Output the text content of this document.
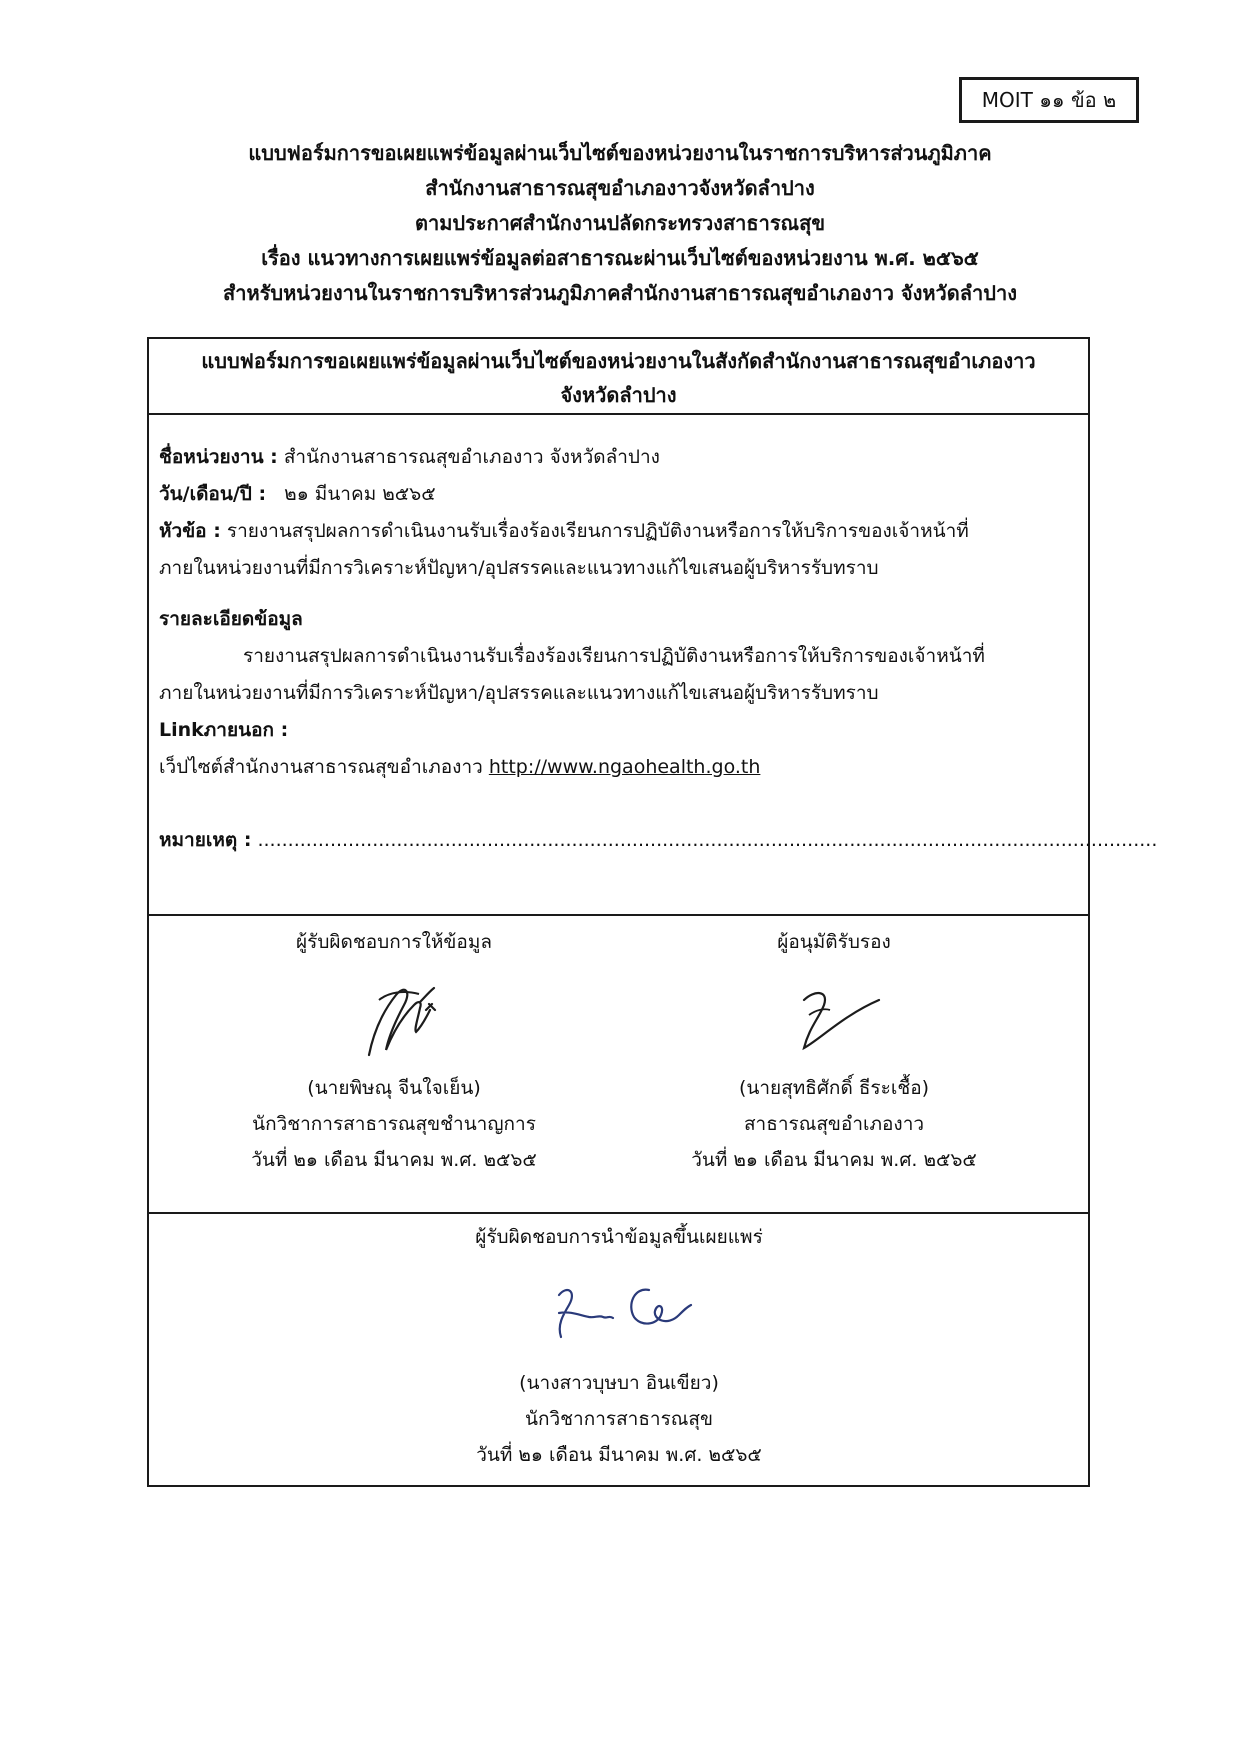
MOIT ๑๑ ข้อ ๒
แบบฟอร์มการขอเผยแพร่ข้อมูลผ่านเว็บไซต์ของหน่วยงานในราชการบริหารส่วนภูมิภาค
สำนักงานสาธารณสุขอำเภองาวจังหวัดลำปาง
ตามประกาศสำนักงานปลัดกระทรวงสาธารณสุข
เรื่อง แนวทางการเผยแพร่ข้อมูลต่อสาธารณะผ่านเว็บไซต์ของหน่วยงาน พ.ศ. ๒๕๖๕
สำหรับหน่วยงานในราชการบริหารส่วนภูมิภาคสำนักงานสาธารณสุขอำเภองาว จังหวัดลำปาง
แบบฟอร์มการขอเผยแพร่ข้อมูลผ่านเว็บไซต์ของหน่วยงานในสังกัดสำนักงานสาธารณสุขอำเภองาว
จังหวัดลำปาง
ชื่อหน่วยงาน : สำนักงานสาธารณสุขอำเภองาว จังหวัดลำปาง
วัน/เดือน/ปี : ๒๑ มีนาคม ๒๕๖๕
หัวข้อ : รายงานสรุปผลการดำเนินงานรับเรื่องร้องเรียนการปฏิบัติงานหรือการให้บริการของเจ้าหน้าที่
ภายในหน่วยงานที่มีการวิเคราะห์ปัญหา/อุปสรรคและแนวทางแก้ไขเสนอผู้บริหารรับทราบ
รายละเอียดข้อมูล
รายงานสรุปผลการดำเนินงานรับเรื่องร้องเรียนการปฏิบัติงานหรือการให้บริการของเจ้าหน้าที่
ภายในหน่วยงานที่มีการวิเคราะห์ปัญหา/อุปสรรคและแนวทางแก้ไขเสนอผู้บริหารรับทราบ
Linkภายนอก :
เว็ปไซต์สำนักงานสาธารณสุขอำเภองาว http://www.ngaohealth.go.th
หมายเหตุ : .....................................................................................................................................................
ผู้รับผิดชอบการให้ข้อมูล
(นายพิษณุ จีนใจเย็น)
นักวิชาการสาธารณสุขชำนาญการ
วันที่ ๒๑ เดือน มีนาคม พ.ศ. ๒๕๖๕
ผู้อนุมัติรับรอง
(นายสุทธิศักดิ์ ธีระเชื้อ)
สาธารณสุขอำเภองาว
วันที่ ๒๑ เดือน มีนาคม พ.ศ. ๒๕๖๕
ผู้รับผิดชอบการนำข้อมูลขึ้นเผยแพร่
(นางสาวบุษบา อินเขียว)
นักวิชาการสาธารณสุข
วันที่ ๒๑ เดือน มีนาคม พ.ศ. ๒๕๖๕
